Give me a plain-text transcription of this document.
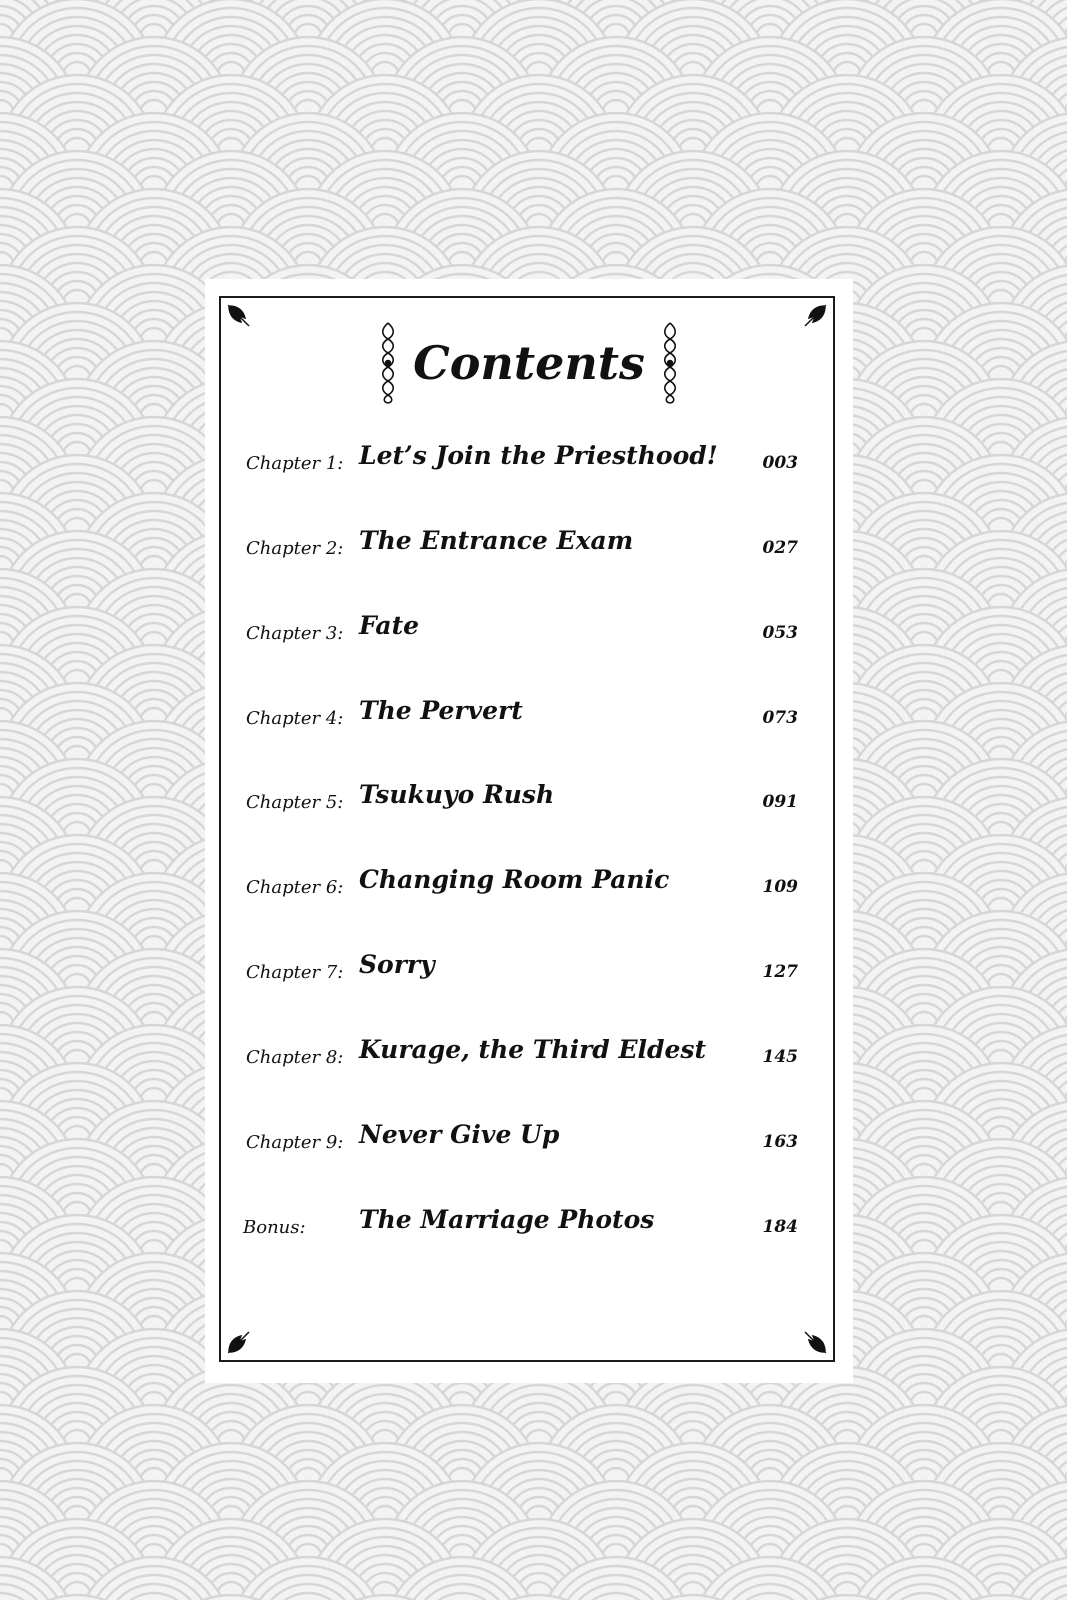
Contents
Chapter 1: Let’s Join the Priesthood!	003
Chapter 2: The Entrance Exam	027
Chapter 3: Fate	053
Chapter 4: The Pervert	073
Chapter 5: Tsukuyo Rush	091
Chapter 6: Changing Room Panic	109
Chapter 7: Sorry	127
Chapter 8: Kurage, the Third Eldest	145
Chapter 9: Never Give Up	163
Bonus: The Marriage Photos	184
